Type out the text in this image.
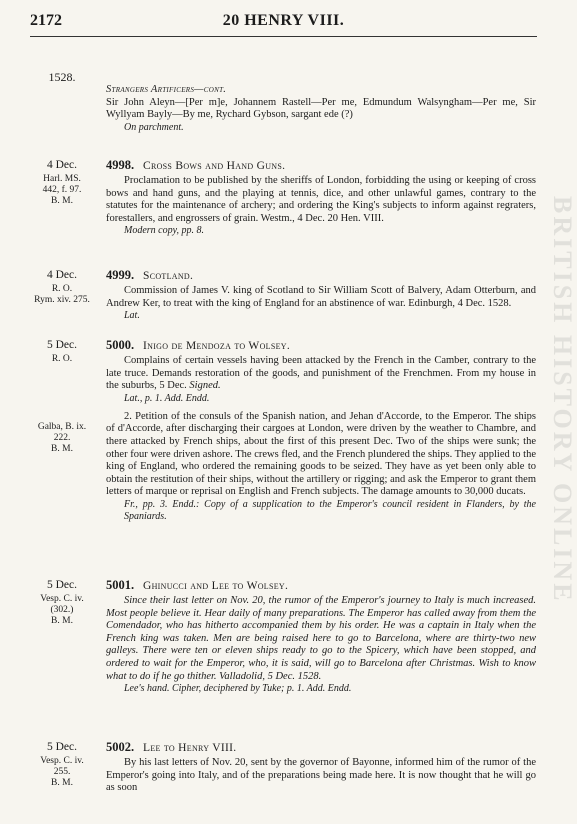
2172	20 HENRY VIII.
BRITISH HISTORY ONLINE
1528.

Strangers Artificers—cont.

Sir John Aleyn—[Per m]e, Johannem Rastell—Per me, Edmundum Walsyngham—Per me, Sir Wyllyam Bayly—By me, Rychard Gybson, sargant ede (?)

On parchment.

4 Dec.
Harl. MS.
442, f. 97.
B. M.
4998. Cross Bows and Hand Guns.

Proclamation to be published by the sheriffs of London, forbidding the using or keeping of cross bows and hand guns, and the playing at tennis, dice, and other unlawful games, contrary to the statutes for the maintenance of archery; and ordering the King's subjects to inform against regraters, forestallers, and engrossers of grain. Westm., 4 Dec. 20 Hen. VIII.

Modern copy, pp. 8.

4 Dec.
R. O.
Rym. xiv. 275.
4999. Scotland.

Commission of James V. king of Scotland to Sir William Scott of Balvery, Adam Otterburn, and Andrew Ker, to treat with the king of England for an abstinence of war. Edinburgh, 4 Dec. 1528.

Lat.

5 Dec.
R. O.
Galba, B. ix.
222.
B. M.
5000. Inigo de Mendoza to Wolsey.

Complains of certain vessels having been attacked by the French in the Camber, contrary to the late truce. Demands restoration of the goods, and punishment of the Frenchmen. From my house in the suburbs, 5 Dec. Signed.

Lat., p. 1. Add. Endd.

2. Petition of the consuls of the Spanish nation, and Jehan d'Accorde, to the Emperor. The ships of d'Accorde, after discharging their cargoes at London, were driven by the weather to Chambre, and there attacked by French ships, about the first of this present Dec. Two of the ships were sunk; the other four were driven ashore. The crews fled, and the French plundered the ships. They applied to the king of England, who ordered the remaining goods to be seized. They have as yet been only able to obtain the restitution of their ships, without the artillery or rigging; and ask the Emperor to grant them letters of marque or reprisal on English and French subjects. The damage amounts to 30,000 ducats.

Fr., pp. 3. Endd.: Copy of a supplication to the Emperor's council resident in Flanders, by the Spaniards.

5 Dec.
Vesp. C. iv.
(302.)
B. M.
5001. Ghinucci and Lee to Wolsey.

Since their last letter on Nov. 20, the rumor of the Emperor's journey to Italy is much increased. Most people believe it. Hear daily of many preparations. The Emperor has called away from them the Comendador, who has hitherto accompanied them by his order. He was a captain in Italy when the French king was taken. Men are being raised here to go to Barcelona, where are thirty-two new galleys. There were ten or eleven ships ready to go to the Spicery, which have been stopped, and ordered to wait for the Emperor, who, it is said, will go to Barcelona after Christmas. Wish to know what to do if he go thither. Valladolid, 5 Dec. 1528.

Lee's hand. Cipher, deciphered by Tuke; p. 1. Add. Endd.

5 Dec.
Vesp. C. iv.
255.
B. M.
5002. Lee to Henry VIII.

By his last letters of Nov. 20, sent by the governor of Bayonne, informed him of the rumor of the Emperor's going into Italy, and of the preparations being made here. It is now thought that he will go as soon
